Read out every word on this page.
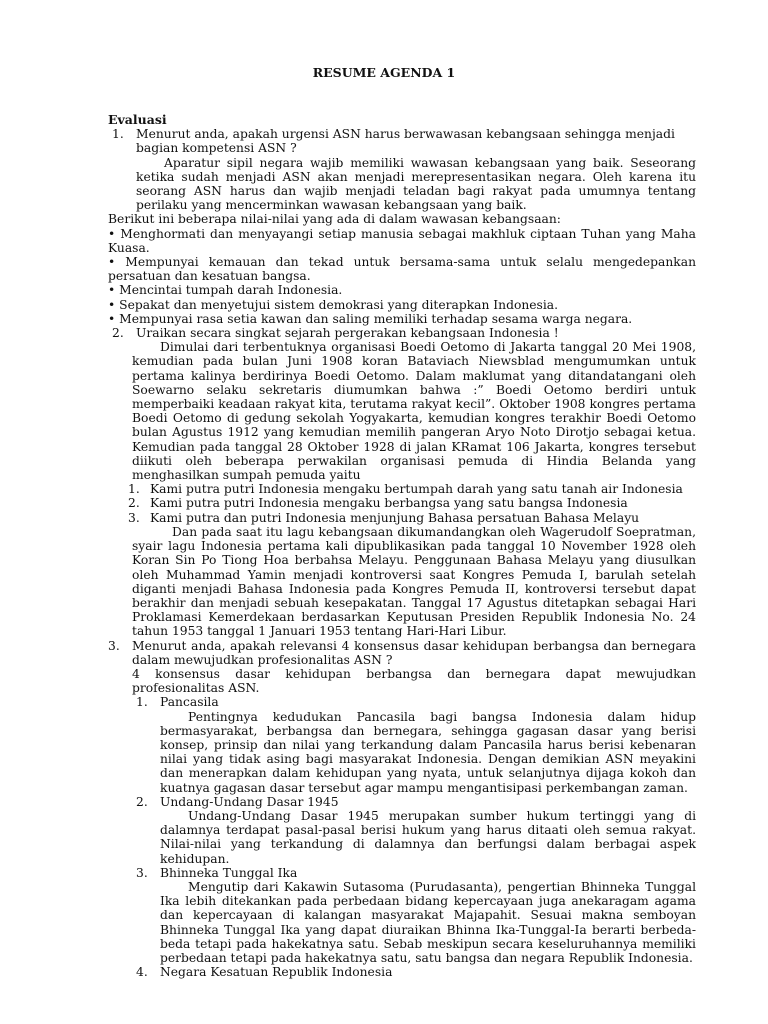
RESUME AGENDA 1
Evaluasi
1. Menurut anda, apakah urgensi ASN harus berwawasan kebangsaan sehingga menjadi bagian kompetensi ASN ?

Aparatur sipil negara wajib memiliki wawasan kebangsaan yang baik. Seseorang ketika sudah menjadi ASN akan menjadi merepresentasikan negara. Oleh karena itu seorang ASN harus dan wajib menjadi teladan bagi rakyat pada umumnya tentang perilaku yang mencerminkan wawasan kebangsaan yang baik.

Berikut ini beberapa nilai-nilai yang ada di dalam wawasan kebangsaan:

• Menghormati dan menyayangi setiap manusia sebagai makhluk ciptaan Tuhan yang Maha Kuasa.

• Mempunyai kemauan dan tekad untuk bersama-sama untuk selalu mengedepankan persatuan dan kesatuan bangsa.

• Mencintai tumpah darah Indonesia.

• Sepakat dan menyetujui sistem demokrasi yang diterapkan Indonesia.

• Mempunyai rasa setia kawan dan saling memiliki terhadap sesama warga negara.

2. Uraikan secara singkat sejarah pergerakan kebangsaan Indonesia !

Dimulai dari terbentuknya organisasi Boedi Oetomo di Jakarta tanggal 20 Mei 1908, kemudian pada bulan Juni 1908 koran Bataviach Niewsblad mengumumkan untuk pertama kalinya berdirinya Boedi Oetomo. Dalam maklumat yang ditandatangani oleh Soewarno selaku sekretaris diumumkan bahwa :” Boedi Oetomo berdiri untuk memperbaiki keadaan rakyat kita, terutama rakyat kecil”. Oktober 1908 kongres pertama Boedi Oetomo di gedung sekolah Yogyakarta, kemudian kongres terakhir Boedi Oetomo bulan Agustus 1912 yang kemudian memilih pangeran Aryo Noto Dirotjo sebagai ketua. Kemudian pada tanggal 28 Oktober 1928 di jalan KRamat 106 Jakarta, kongres tersebut diikuti oleh beberapa perwakilan organisasi pemuda di Hindia Belanda yang menghasilkan sumpah pemuda yaitu

1. Kami putra putri Indonesia mengaku bertumpah darah yang satu tanah air Indonesia
2. Kami putra putri Indonesia mengaku berbangsa yang satu bangsa Indonesia
3. Kami putra dan putri Indonesia menjunjung Bahasa persatuan Bahasa Melayu

Dan pada saat itu lagu kebangsaan dikumandangkan oleh Wagerudolf Soepratman, syair lagu Indonesia pertama kali dipublikasikan pada tanggal 10 November 1928 oleh Koran Sin Po Tiong Hoa berbahsa Melayu. Penggunaan Bahasa Melayu yang diusulkan oleh Muhammad Yamin menjadi kontroversi saat Kongres Pemuda I, barulah setelah diganti menjadi Bahasa Indonesia pada Kongres Pemuda II, kontroversi tersebut dapat berakhir dan menjadi sebuah kesepakatan. Tanggal 17 Agustus ditetapkan sebagai Hari Proklamasi Kemerdekaan berdasarkan Keputusan Presiden Republik Indonesia No. 24 tahun 1953 tanggal 1 Januari 1953 tentang Hari-Hari Libur.

3. Menurut anda, apakah relevansi 4 konsensus dasar kehidupan berbangsa dan bernegara dalam mewujudkan profesionalitas ASN ?

4 konsensus dasar kehidupan berbangsa dan bernegara dapat mewujudkan profesionalitas ASN.

1. Pancasila

Pentingnya kedudukan Pancasila bagi bangsa Indonesia dalam hidup bermasyarakat, berbangsa dan bernegara, sehingga gagasan dasar yang berisi konsep, prinsip dan nilai yang terkandung dalam Pancasila harus berisi kebenaran nilai yang tidak asing bagi masyarakat Indonesia. Dengan demikian ASN meyakini dan menerapkan dalam kehidupan yang nyata, untuk selanjutnya dijaga kokoh dan kuatnya gagasan dasar tersebut agar mampu mengantisipasi perkembangan zaman.

2. Undang-Undang Dasar 1945

Undang-Undang Dasar 1945 merupakan sumber hukum tertinggi yang di dalamnya terdapat pasal-pasal berisi hukum yang harus ditaati oleh semua rakyat. Nilai-nilai yang terkandung di dalamnya dan berfungsi dalam berbagai aspek kehidupan.

3. Bhinneka Tunggal Ika

Mengutip dari Kakawin Sutasoma (Purudasanta), pengertian Bhinneka Tunggal Ika lebih ditekankan pada perbedaan bidang kepercayaan juga anekaragam agama dan kepercayaan di kalangan masyarakat Majapahit. Sesuai makna semboyan Bhinneka Tunggal Ika yang dapat diuraikan Bhinna Ika-Tunggal-Ia berarti berbeda-beda tetapi pada hakekatnya satu. Sebab meskipun secara keseluruhannya memiliki perbedaan tetapi pada hakekatnya satu, satu bangsa dan negara Republik Indonesia.

4. Negara Kesatuan Republik Indonesia
